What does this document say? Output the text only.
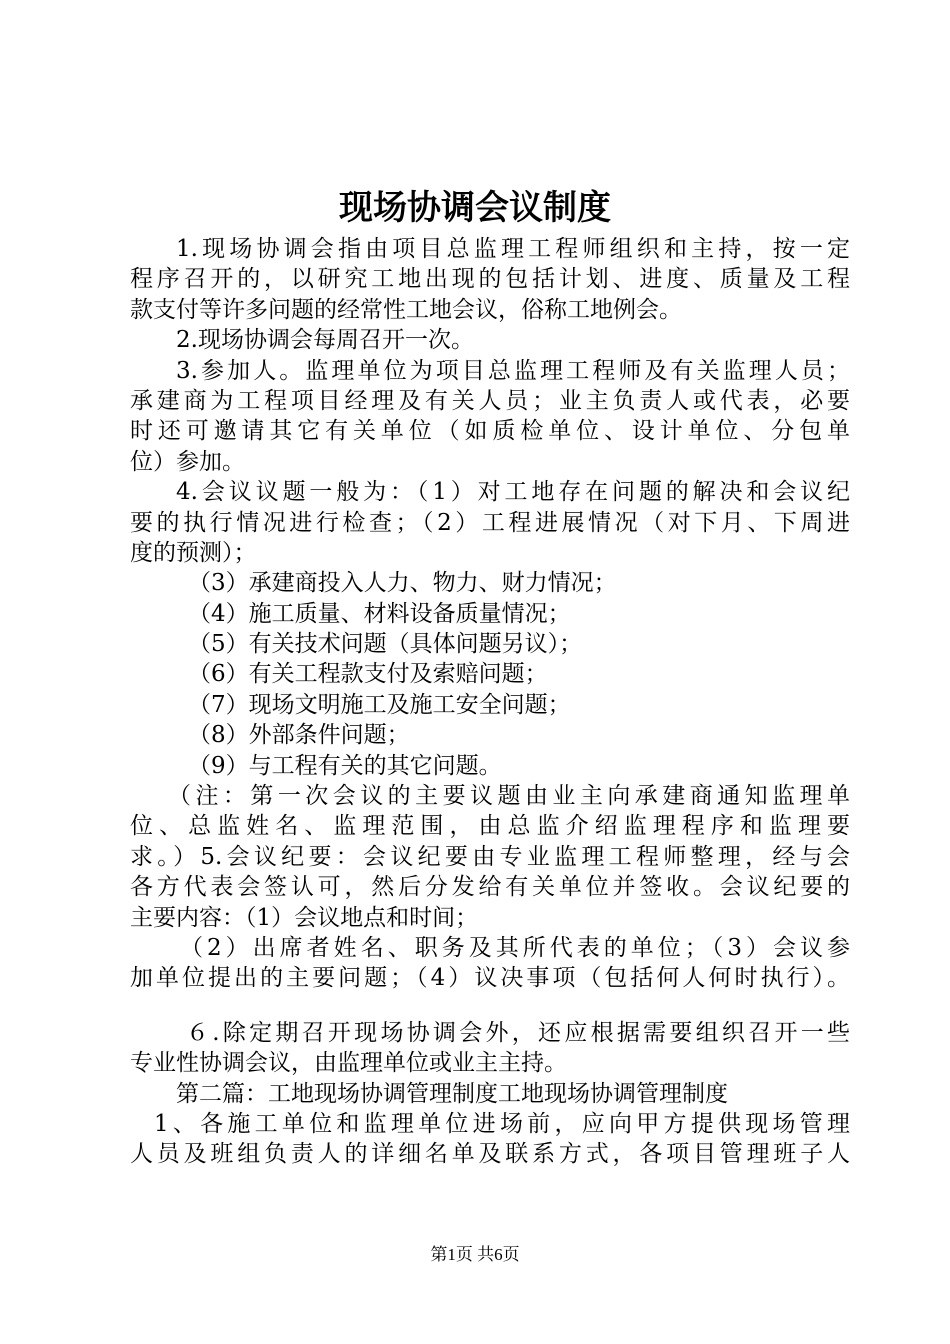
现场协调会议制度
1.现场协调会指由项目总监理工程师组织和主持，按一定
程序召开的，以研究工地出现的包括计划、进度、质量及工程
款支付等许多问题的经常性工地会议，俗称工地例会。
2.现场协调会每周召开一次。
3.参加人。监理单位为项目总监理工程师及有关监理人员；
承建商为工程项目经理及有关人员；业主负责人或代表，必要
时还可邀请其它有关单位（如质检单位、设计单位、分包单
位）参加。
4.会议议题一般为：（1）对工地存在问题的解决和会议纪
要的执行情况进行检查；（2）工程进展情况（对下月、下周进
度的预测）；
（3）承建商投入人力、物力、财力情况；
（4）施工质量、材料设备质量情况；
（5）有关技术问题（具体问题另议）；
（6）有关工程款支付及索赔问题；
（7）现场文明施工及施工安全问题；
（8）外部条件问题；
（9）与工程有关的其它问题。
（注：第一次会议的主要议题由业主向承建商通知监理单
位、总监姓名、监理范围，由总监介绍监理程序和监理要
求。）5.会议纪要：会议纪要由专业监理工程师整理，经与会
各方代表会签认可，然后分发给有关单位并签收。会议纪要的
主要内容：（1）会议地点和时间；
（2）出席者姓名、职务及其所代表的单位；（3）会议参
加单位提出的主要问题；（4）议决事项（包括何人何时执行）。
６.除定期召开现场协调会外，还应根据需要组织召开一些
专业性协调会议，由监理单位或业主主持。
第二篇：工地现场协调管理制度工地现场协调管理制度
1、各施工单位和监理单位进场前，应向甲方提供现场管理
人员及班组负责人的详细名单及联系方式，各项目管理班子人
第1页 共6页
